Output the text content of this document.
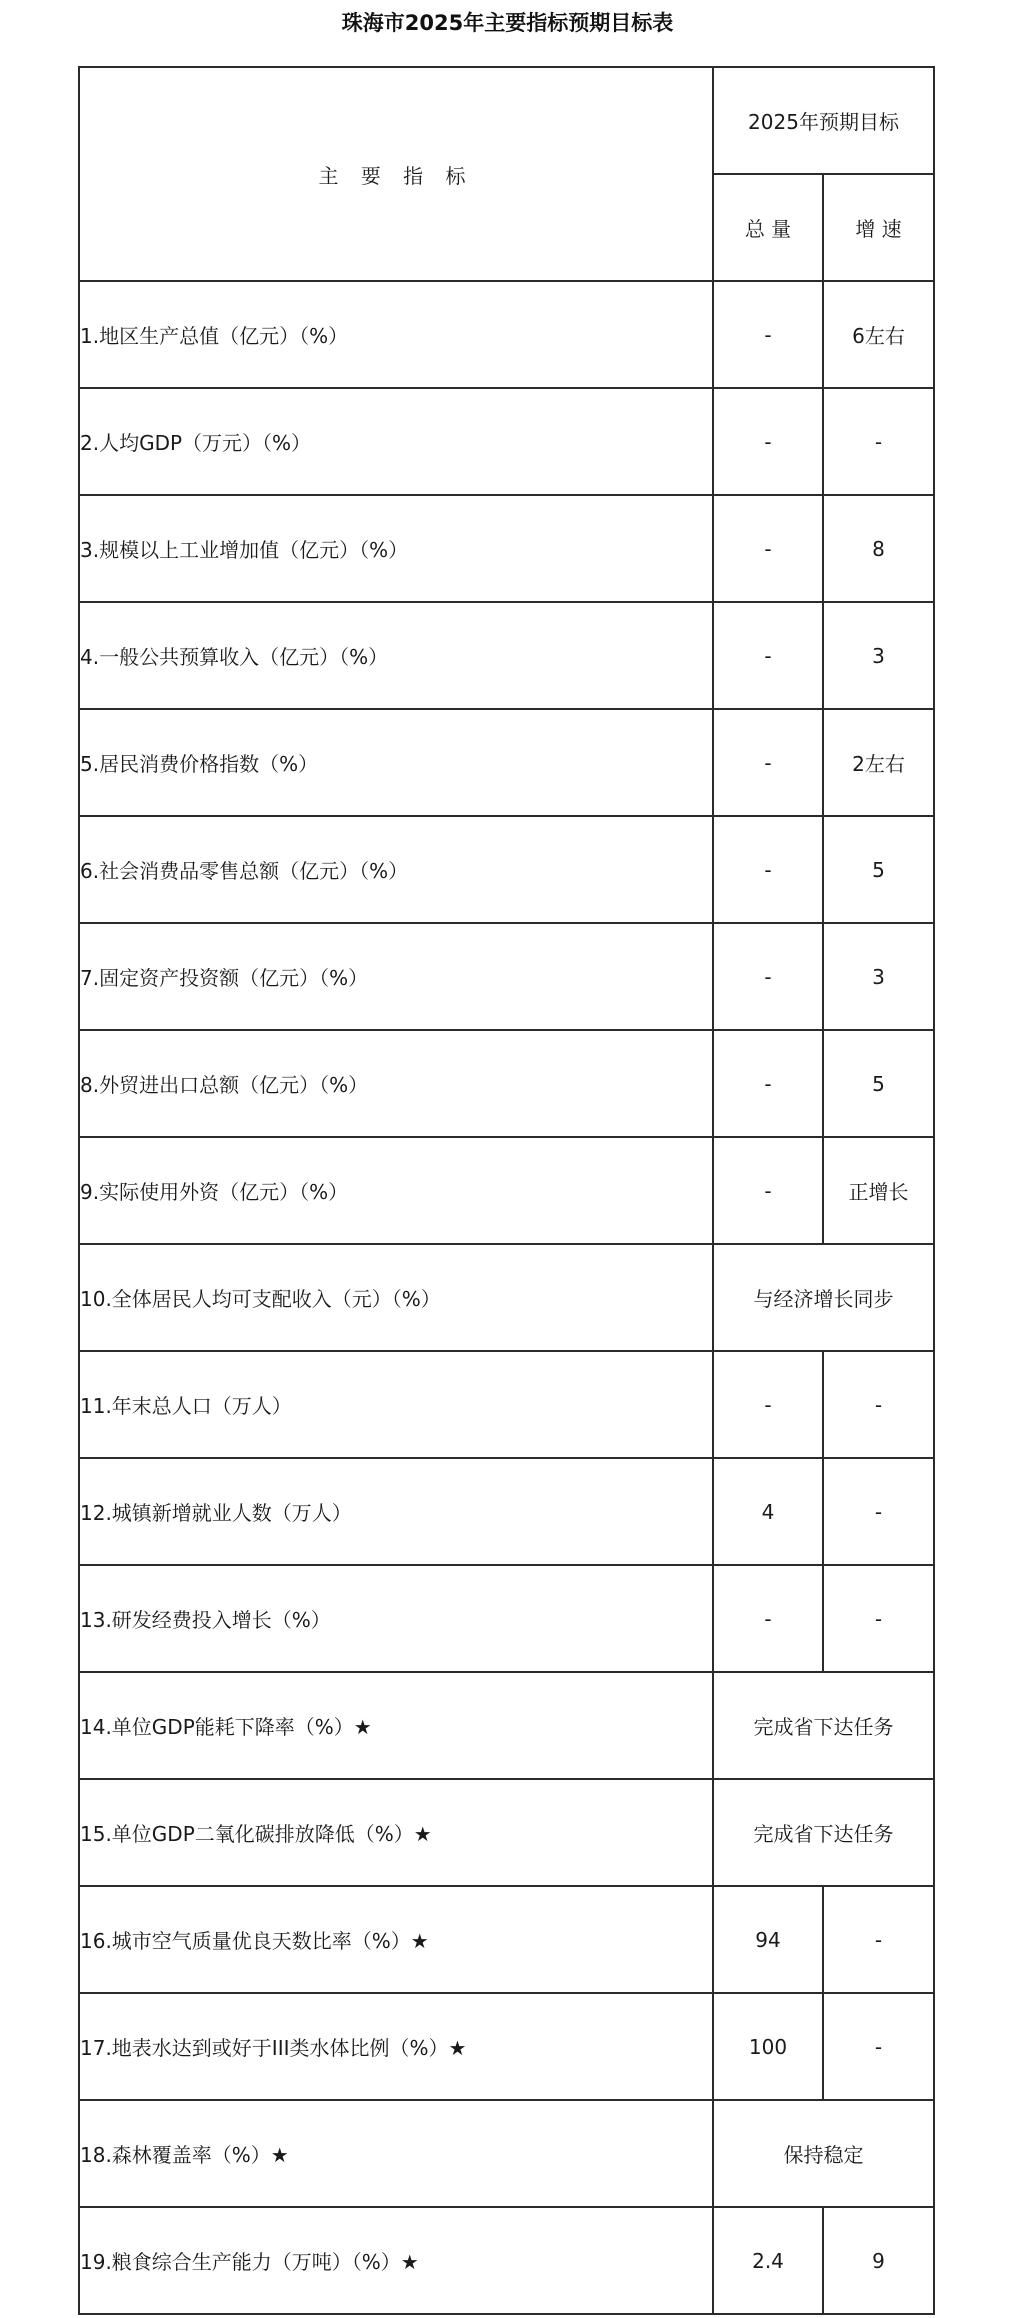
珠海市2025年主要指标预期目标表
主 要 指 标	2025年预期目标	
	总 量	增 速
1.地区生产总值（亿元）（%）	-	6左右
2.人均GDP（万元）（%）	-	-
3.规模以上工业增加值（亿元）（%）	-	8
4.一般公共预算收入（亿元）（%）	-	3
5.居民消费价格指数（%）	-	2左右
6.社会消费品零售总额（亿元）（%）	-	5
7.固定资产投资额（亿元）（%）	-	3
8.外贸进出口总额（亿元）（%）	-	5
9.实际使用外资（亿元）（%）	-	正增长
10.全体居民人均可支配收入（元）（%）	与经济增长同步	
11.年末总人口（万人）	-	-
12.城镇新增就业人数（万人）	4	-
13.研发经费投入增长（%）	-	-
14.单位GDP能耗下降率（%）★	完成省下达任务	
15.单位GDP二氧化碳排放降低（%）★	完成省下达任务	
16.城市空气质量优良天数比率（%）★	94	-
17.地表水达到或好于III类水体比例（%）★	100	-
18.森林覆盖率（%）★	保持稳定	
19.粮食综合生产能力（万吨）（%）★	2.4	9
